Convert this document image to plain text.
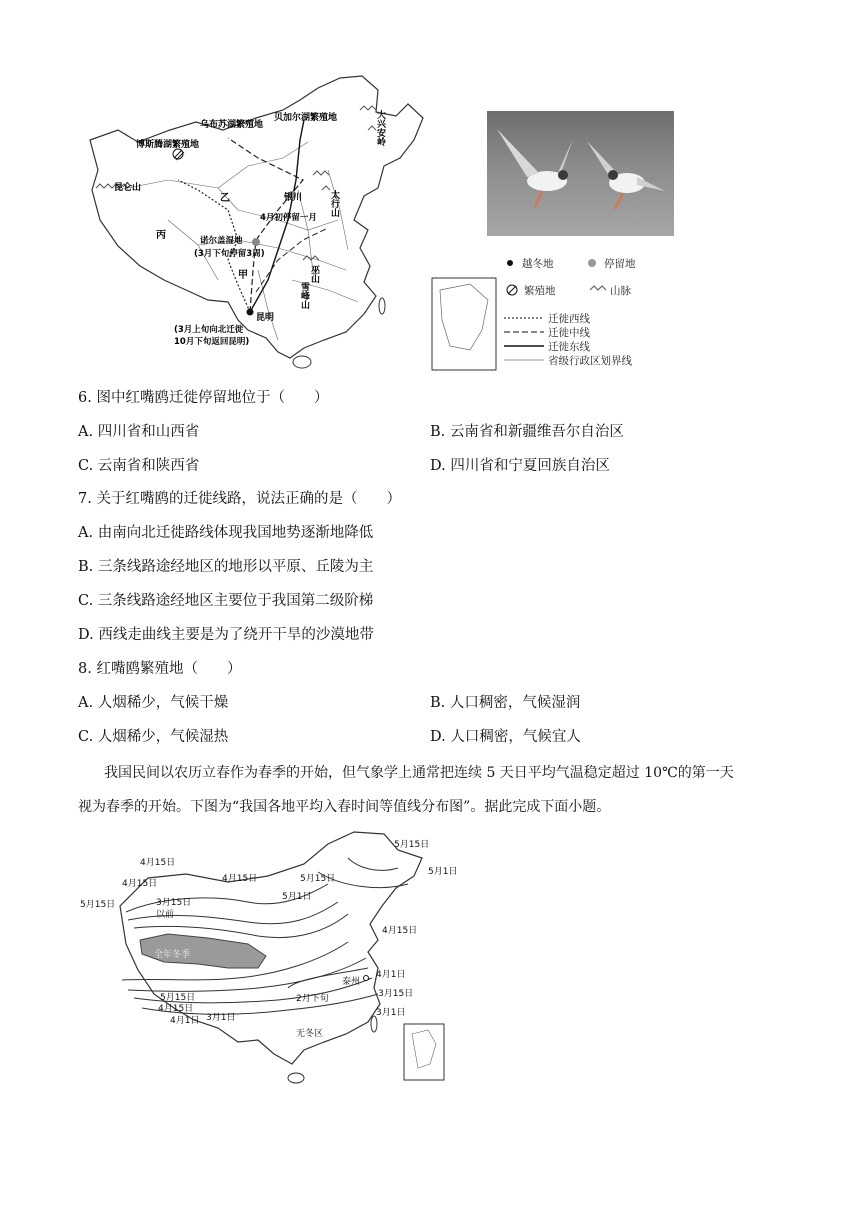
乌布苏湖繁殖地
贝加尔湖繁殖地
博斯腾湖繁殖地
昆仑山
乙
丙
甲
诺尔盖湿地
(3月下旬停留3周)
银川
4月初停留一月
太行山
大兴安岭
巫山
雪峰山
昆明
(3月上旬向北迁徙
10月下旬返回昆明)
越冬地	停留地
繁殖地	山脉
迁徙西线
迁徙中线
迁徙东线
省级行政区划界线
6. 图中红嘴鸥迁徙停留地位于（　　）
A. 四川省和山西省	B. 云南省和新疆维吾尔自治区
C. 云南省和陕西省	D. 四川省和宁夏回族自治区
7. 关于红嘴鸥的迁徙线路，说法正确的是（　　）
A. 由南向北迁徙路线体现我国地势逐渐地降低
B. 三条线路途经地区的地形以平原、丘陵为主
C. 三条线路途经地区主要位于我国第二级阶梯
D. 西线走曲线主要是为了绕开干旱的沙漠地带
8. 红嘴鸥繁殖地（　　）
A. 人烟稀少，气候干燥	B. 人口稠密，气候湿润
C. 人烟稀少，气候湿热	D. 人口稠密，气候宜人
我国民间以农历立春作为春季的开始，但气象学上通常把连续 5 天日平均气温稳定超过 10℃的第一天
视为春季的开始。下图为“我国各地平均入春时间等值线分布图”。据此完成下面小题。
4月15日
4月15日
5月15日	3月15日
以前
4月15日	5月15日
5月1日
5月15日
5月1日
4月15日
全年冬季
泰州
4月1日
3月15日
2月下旬
3月1日
5月15日
4月15日
4月1日 3月1日
无冬区
